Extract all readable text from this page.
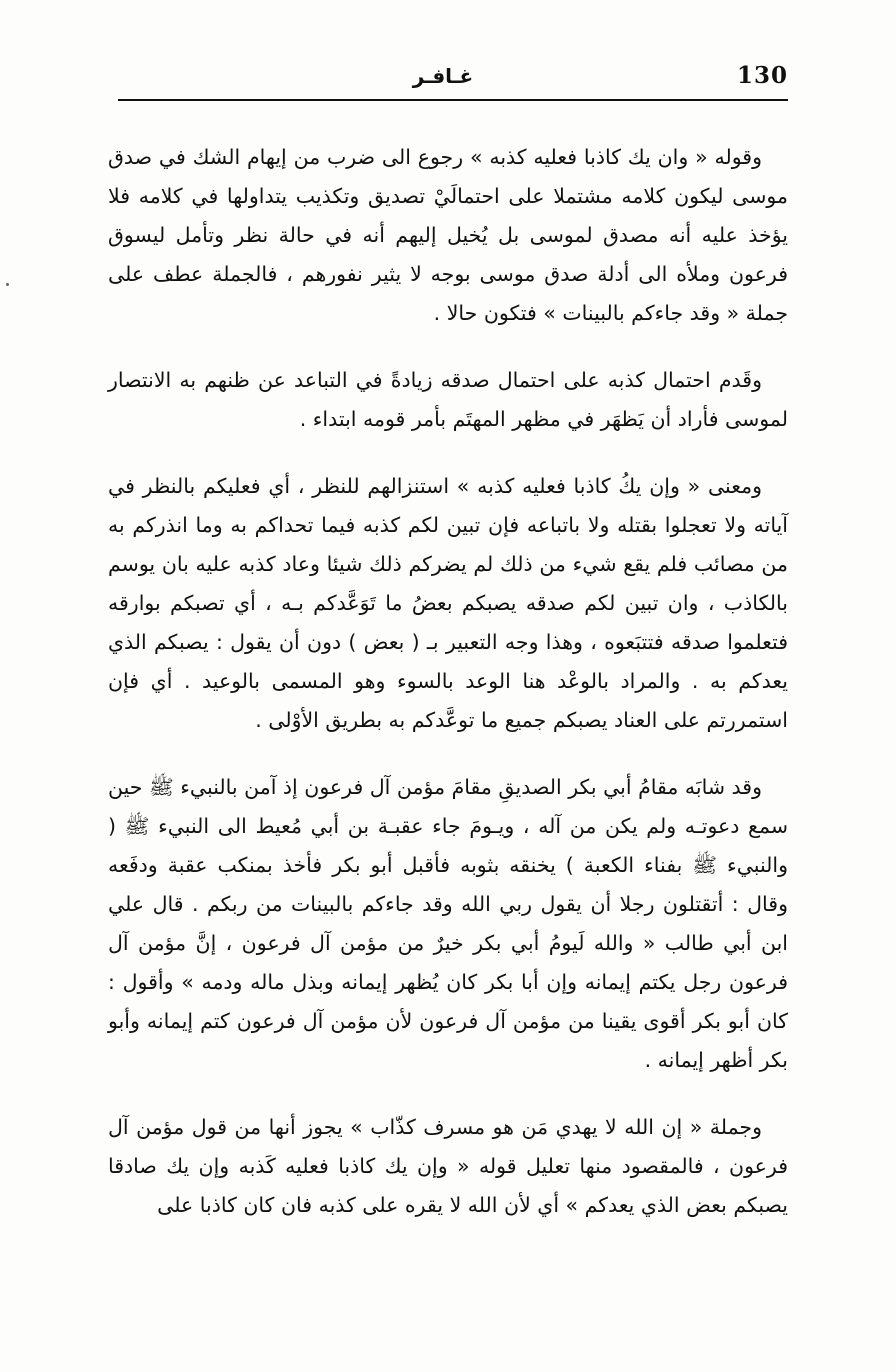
130
غـافـر

وقوله « وان يك كاذبا فعليه كذبه » رجوع الى ضرب من إيهام الشك في صدق موسى ليكون كلامه مشتملا على احتمالَيْ تصديق وتكذيب يتداولها في كلامه فلا يؤخذ عليه أنه مصدق لموسى بل يُخيل إليهم أنه في حالة نظر وتأمل ليسوق فرعون وملأه الى أدلة صدق موسى بوجه لا يثير نفورهم ، فالجملة عطف على جملة « وقد جاءكم بالبينات » فتكون حالا .

وقَدم احتمال كذبه على احتمال صدقه زيادةً في التباعد عن ظنهم به الانتصار لموسى فأراد أن يَظهَر في مظهر المهتَم بأمر قومه ابتداء .

ومعنى « وإن يكُ كاذبا فعليه كذبه » استنزالهم للنظر ، أي فعليكم بالنظر في آياته ولا تعجلوا بقتله ولا باتباعه فإن تبين لكم كذبه فيما تحداكم به وما انذركم به من مصائب فلم يقع شيء من ذلك لم يضركم ذلك شيئا وعاد كذبه عليه بان يوسم بالكاذب ، وان تبين لكم صدقه يصبكم بعضُ ما تَوَعَّدكم بـه ، أي تصبكم بوارقه فتعلموا صدقه فتتبَعوه ، وهذا وجه التعبير بـ ( بعض ) دون أن يقول : يصبكم الذي يعدكم به . والمراد بالوعْد هنا الوعد بالسوء وهو المسمى بالوعيد . أي فإن استمررتم على العناد يصبكم جميع ما توعَّدكم به بطريق الأوْلى .

وقد شابَه مقامُ أبي بكر الصديقِ مقامَ مؤمن آل فرعون إذ آمن بالنبيء ﷺ حين سمع دعوتـه ولم يكن من آله ، ويـومَ جاء عقبـة بن أبي مُعيط الى النبيء ﷺ ( والنبيء ﷺ بفناء الكعبة ) يخنقه بثوبه فأقبل أبو بكر فأخذ بمنكب عقبة ودفَعه وقال : أتقتلون رجلا أن يقول ربي الله وقد جاءكم بالبينات من ربكم . قال علي ابن أبي طالب « والله لَيومُ أبي بكر خيرٌ من مؤمن آل فرعون ، إنَّ مؤمن آل فرعون رجل يكتم إيمانه وإن أبا بكر كان يُظهر إيمانه وبذل ماله ودمه » وأقول : كان أبو بكر أقوى يقينا من مؤمن آل فرعون لأن مؤمن آل فرعون كتم إيمانه وأبو بكر أظهر إيمانه .

وجملة « إن الله لا يهدي مَن هو مسرف كذّاب » يجوز أنها من قول مؤمن آل فرعون ، فالمقصود منها تعليل قوله « وإن يك كاذبا فعليه كَذبه وإن يك صادقا يصبكم بعض الذي يعدكم » أي لأن الله لا يقره على كذبه فان كان كاذبا على
